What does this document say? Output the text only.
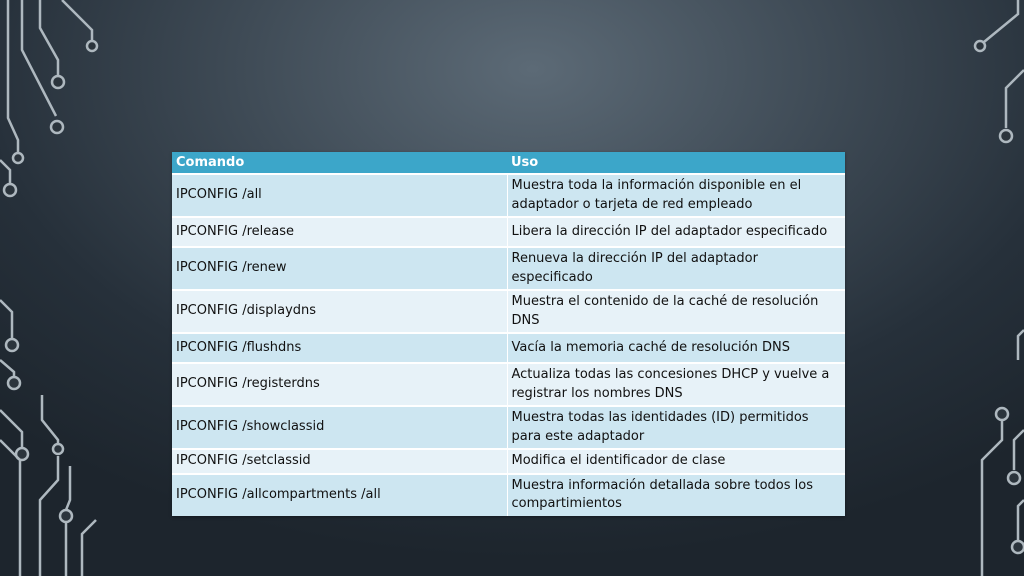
Comando	Uso
IPCONFIG /all	Muestra toda la información disponible en el adaptador o tarjeta de red empleado
IPCONFIG /release	Libera la dirección IP del adaptador especificado
IPCONFIG /renew	Renueva la dirección IP del adaptador especificado
IPCONFIG /displaydns	Muestra el contenido de la caché de resolución DNS
IPCONFIG /flushdns	Vacía la memoria caché de resolución DNS
IPCONFIG /registerdns	Actualiza todas las concesiones DHCP y vuelve a registrar los nombres DNS
IPCONFIG /showclassid	Muestra todas las identidades (ID) permitidos para este adaptador
IPCONFIG /setclassid	Modifica el identificador de clase
IPCONFIG /allcompartments /all	Muestra información detallada sobre todos los compartimientos
